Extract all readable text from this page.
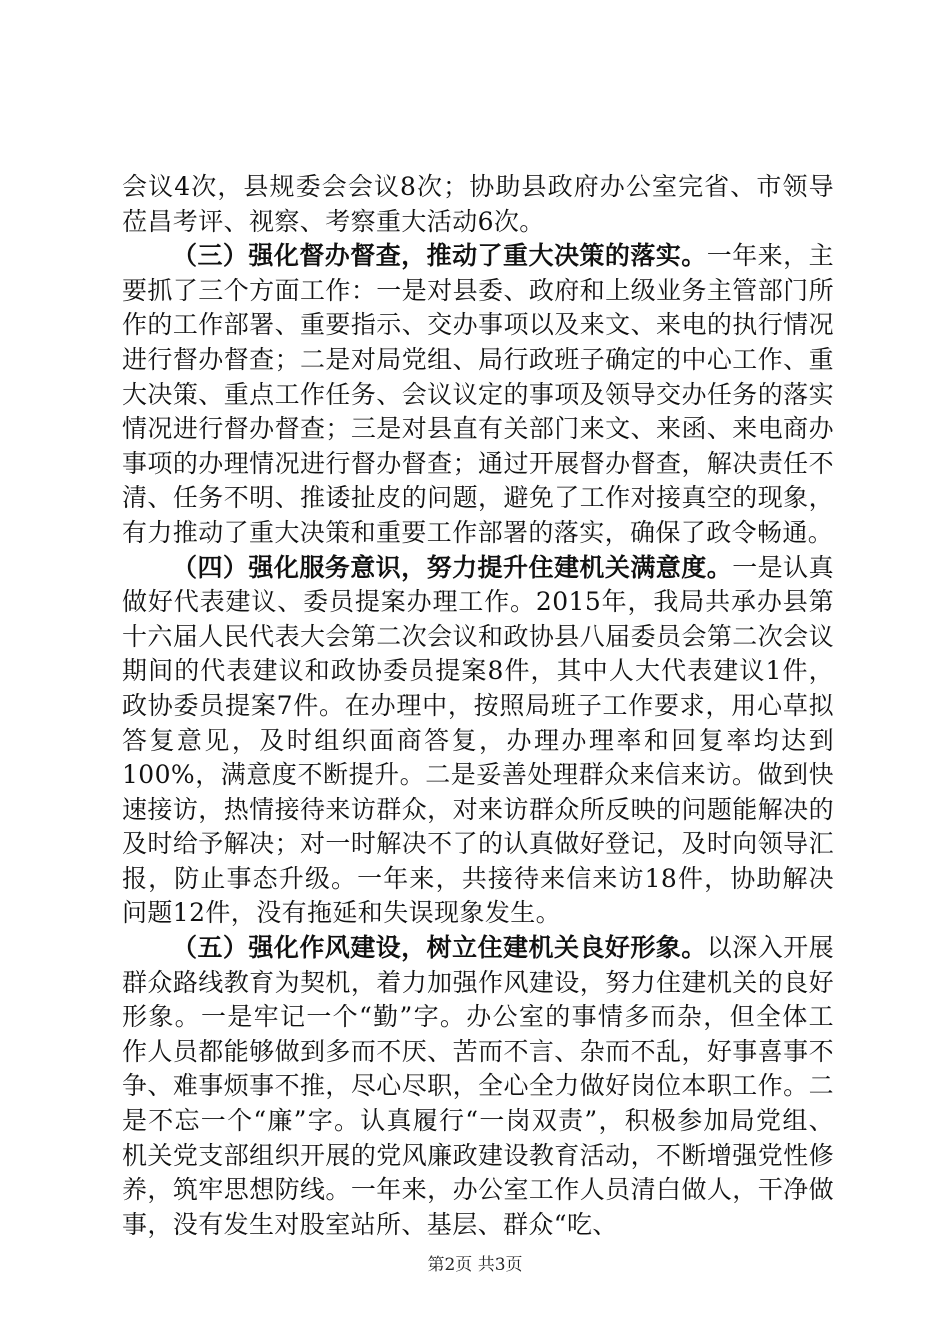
会议4次，县规委会会议8次；协助县政府办公室完省、市领导莅昌考评、视察、考察重大活动6次。

（三）强化督办督查，推动了重大决策的落实。一年来，主要抓了三个方面工作：一是对县委、政府和上级业务主管部门所作的工作部署、重要指示、交办事项以及来文、来电的执行情况进行督办督查；二是对局党组、局行政班子确定的中心工作、重大决策、重点工作任务、会议议定的事项及领导交办任务的落实情况进行督办督查；三是对县直有关部门来文、来函、来电商办事项的办理情况进行督办督查；通过开展督办督查，解决责任不清、任务不明、推诿扯皮的问题，避免了工作对接真空的现象，有力推动了重大决策和重要工作部署的落实，确保了政令畅通。

（四）强化服务意识，努力提升住建机关满意度。一是认真做好代表建议、委员提案办理工作。2015年，我局共承办县第十六届人民代表大会第二次会议和政协县八届委员会第二次会议期间的代表建议和政协委员提案8件，其中人大代表建议1件，政协委员提案7件。在办理中，按照局班子工作要求，用心草拟答复意见，及时组织面商答复，办理办理率和回复率均达到100%，满意度不断提升。二是妥善处理群众来信来访。做到快速接访，热情接待来访群众，对来访群众所反映的问题能解决的及时给予解决；对一时解决不了的认真做好登记，及时向领导汇报，防止事态升级。一年来，共接待来信来访18件，协助解决问题12件，没有拖延和失误现象发生。

（五）强化作风建设，树立住建机关良好形象。以深入开展群众路线教育为契机，着力加强作风建设，努力住建机关的良好形象。一是牢记一个“勤”字。办公室的事情多而杂，但全体工作人员都能够做到多而不厌、苦而不言、杂而不乱，好事喜事不争、难事烦事不推，尽心尽职，全心全力做好岗位本职工作。二是不忘一个“廉”字。认真履行“一岗双责”，积极参加局党组、机关党支部组织开展的党风廉政建设教育活动，不断增强党性修养，筑牢思想防线。一年来，办公室工作人员清白做人，干净做事，没有发生对股室站所、基层、群众“吃、

第2页 共3页
